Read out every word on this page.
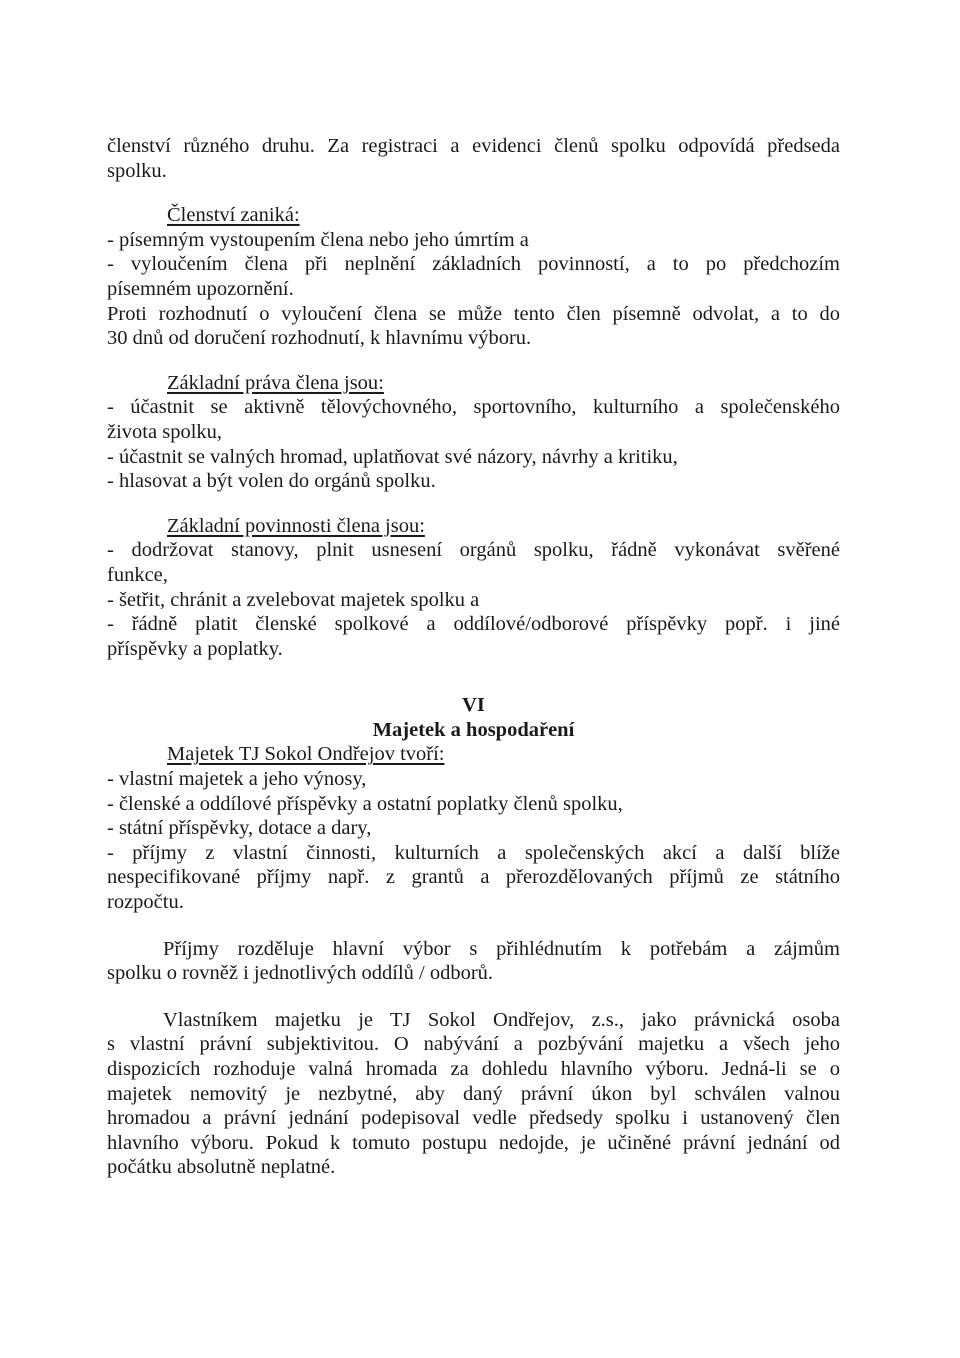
členství různého druhu. Za registraci a evidenci členů spolku odpovídá předseda
spolku.
Členství zaniká:
- písemným vystoupením člena nebo jeho úmrtím a
- vyloučením člena při neplnění základních povinností, a to po předchozím
písemném upozornění.
Proti rozhodnutí o vyloučení člena se může tento člen písemně odvolat, a to do
30 dnů od doručení rozhodnutí, k hlavnímu výboru.
Základní práva člena jsou:
- účastnit se aktivně tělovýchovného, sportovního, kulturního a společenského
života spolku,
- účastnit se valných hromad, uplatňovat své názory, návrhy a kritiku,
- hlasovat a být volen do orgánů spolku.
Základní povinnosti člena jsou:
- dodržovat stanovy, plnit usnesení orgánů spolku, řádně vykonávat svěřené
funkce,
- šetřit, chránit a zvelebovat majetek spolku a
- řádně platit členské spolkové a oddílové/odborové příspěvky popř. i jiné
příspěvky a poplatky.
VI
Majetek a hospodaření
Majetek TJ Sokol Ondřejov tvoří:
- vlastní majetek a jeho výnosy,
- členské a oddílové příspěvky a ostatní poplatky členů spolku,
- státní příspěvky, dotace a dary,
- příjmy z vlastní činnosti, kulturních a společenských akcí a další blíže
nespecifikované příjmy např. z grantů a přerozdělovaných příjmů ze státního
rozpočtu.
Příjmy rozděluje hlavní výbor s přihlédnutím k potřebám a zájmům
spolku o rovněž i jednotlivých oddílů / odborů.
Vlastníkem majetku je TJ Sokol Ondřejov, z.s., jako právnická osoba
s vlastní právní subjektivitou. O nabývání a pozbývání majetku a všech jeho
dispozicích rozhoduje valná hromada za dohledu hlavního výboru. Jedná-li se o
majetek nemovitý je nezbytné, aby daný právní úkon byl schválen valnou
hromadou a právní jednání podepisoval vedle předsedy spolku i ustanovený člen
hlavního výboru. Pokud k tomuto postupu nedojde, je učiněné právní jednání od
počátku absolutně neplatné.
